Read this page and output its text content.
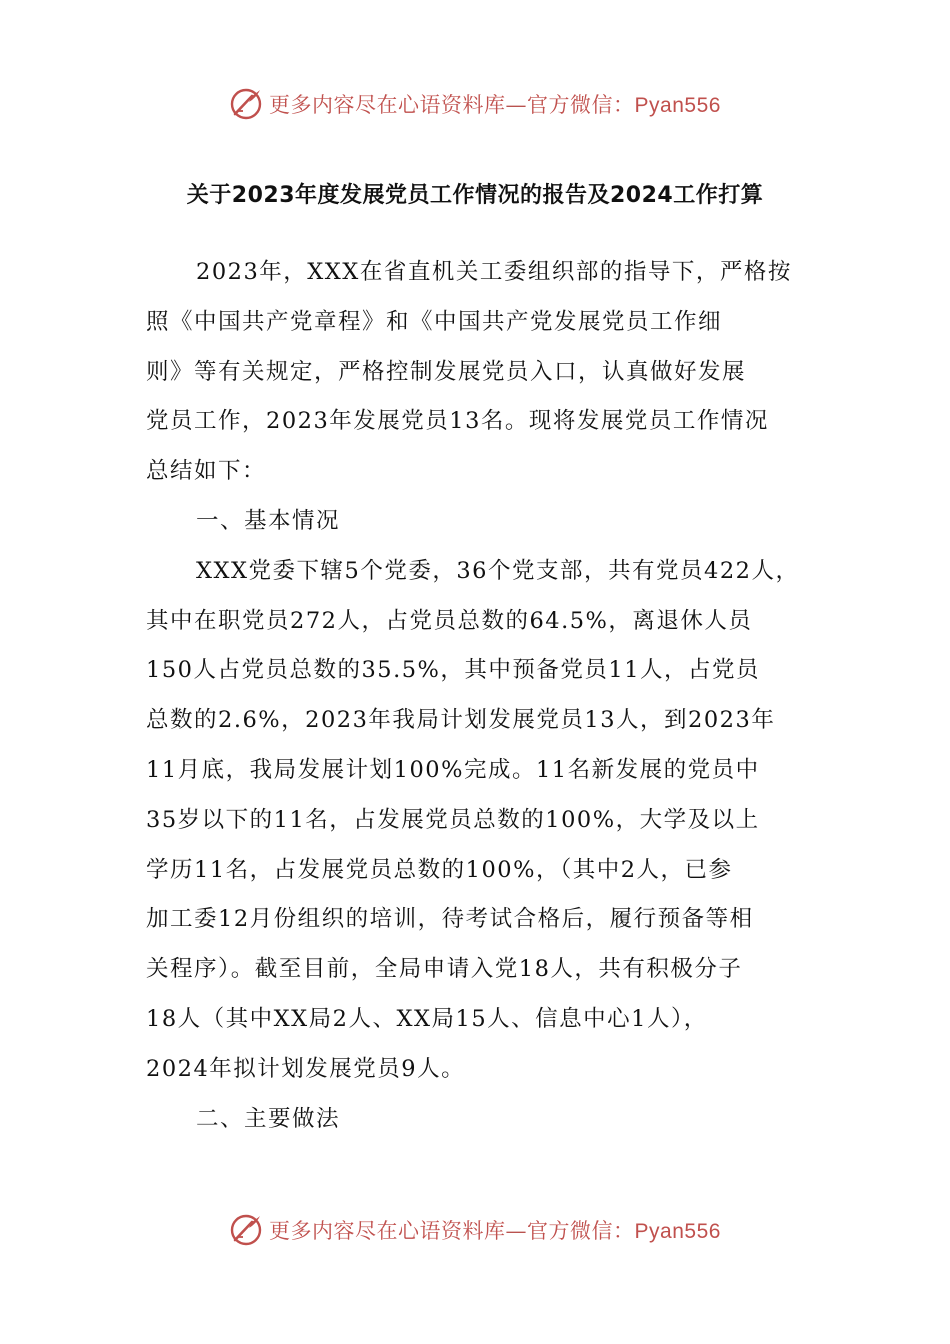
更多内容尽在心语资料库—官方微信：Pyan556
关于2023年度发展党员工作情况的报告及2024工作打算
2023年，XXX在省直机关工委组织部的指导下，严格按
照《中国共产党章程》和《中国共产党发展党员工作细
则》等有关规定，严格控制发展党员入口，认真做好发展
党员工作，2023年发展党员13名。现将发展党员工作情况
总结如下：
一、基本情况
XXX党委下辖5个党委，36个党支部，共有党员422人，
其中在职党员272人，占党员总数的64.5%，离退休人员
150人占党员总数的35.5%，其中预备党员11人，占党员
总数的2.6%，2023年我局计划发展党员13人，到2023年
11月底，我局发展计划100%完成。11名新发展的党员中
35岁以下的11名，占发展党员总数的100%，大学及以上
学历11名，占发展党员总数的100%，（其中2人，已参
加工委12月份组织的培训，待考试合格后，履行预备等相
关程序）。截至目前，全局申请入党18人，共有积极分子
18人（其中XX局2人、XX局15人、信息中心1人），
2024年拟计划发展党员9人。
二、主要做法
更多内容尽在心语资料库—官方微信：Pyan556
